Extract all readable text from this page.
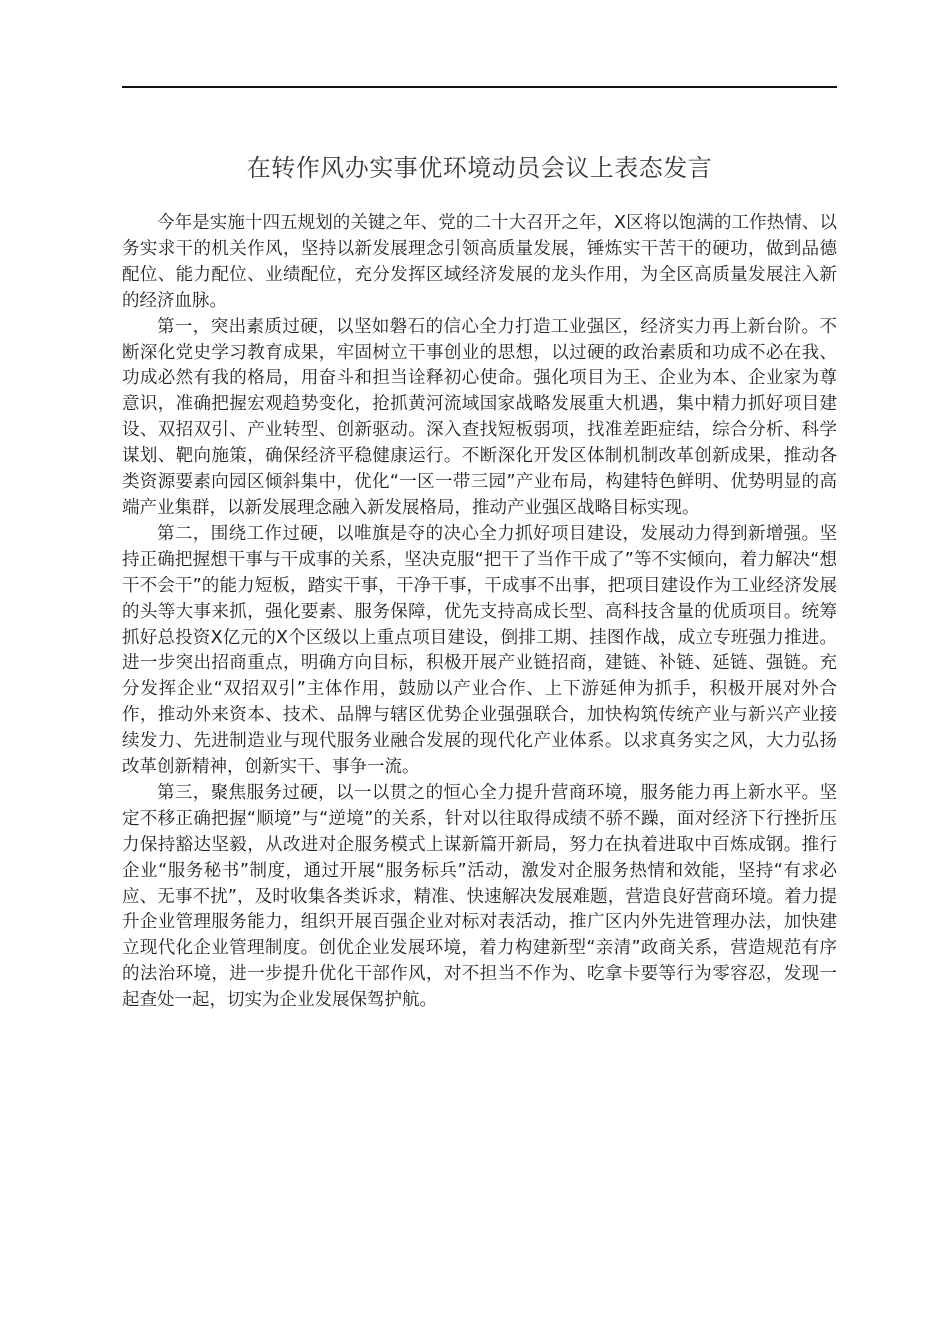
在转作风办实事优环境动员会议上表态发言

今年是实施十四五规划的关键之年、党的二十大召开之年，X区将以饱满的工作热情、以务实求干的机关作风，坚持以新发展理念引领高质量发展，锤炼实干苦干的硬功，做到品德配位、能力配位、业绩配位，充分发挥区域经济发展的龙头作用，为全区高质量发展注入新的经济血脉。

第一，突出素质过硬，以坚如磐石的信心全力打造工业强区，经济实力再上新台阶。不断深化党史学习教育成果，牢固树立干事创业的思想，以过硬的政治素质和功成不必在我、功成必然有我的格局，用奋斗和担当诠释初心使命。强化项目为王、企业为本、企业家为尊意识，准确把握宏观趋势变化，抢抓黄河流域国家战略发展重大机遇，集中精力抓好项目建设、双招双引、产业转型、创新驱动。深入查找短板弱项，找准差距症结，综合分析、科学谋划、靶向施策，确保经济平稳健康运行。不断深化开发区体制机制改革创新成果，推动各类资源要素向园区倾斜集中，优化“一区一带三园”产业布局，构建特色鲜明、优势明显的高端产业集群，以新发展理念融入新发展格局，推动产业强区战略目标实现。

第二，围绕工作过硬，以唯旗是夺的决心全力抓好项目建设，发展动力得到新增强。坚持正确把握想干事与干成事的关系，坚决克服“把干了当作干成了”等不实倾向，着力解决“想干不会干”的能力短板，踏实干事，干净干事，干成事不出事，把项目建设作为工业经济发展的头等大事来抓，强化要素、服务保障，优先支持高成长型、高科技含量的优质项目。统筹抓好总投资X亿元的X个区级以上重点项目建设，倒排工期、挂图作战，成立专班强力推进。进一步突出招商重点，明确方向目标，积极开展产业链招商，建链、补链、延链、强链。充分发挥企业“双招双引”主体作用，鼓励以产业合作、上下游延伸为抓手，积极开展对外合作，推动外来资本、技术、品牌与辖区优势企业强强联合，加快构筑传统产业与新兴产业接续发力、先进制造业与现代服务业融合发展的现代化产业体系。以求真务实之风，大力弘扬改革创新精神，创新实干、事争一流。

第三，聚焦服务过硬，以一以贯之的恒心全力提升营商环境，服务能力再上新水平。坚定不移正确把握“顺境”与“逆境”的关系，针对以往取得成绩不骄不躁，面对经济下行挫折压力保持豁达坚毅，从改进对企服务模式上谋新篇开新局，努力在执着进取中百炼成钢。推行企业“服务秘书”制度，通过开展“服务标兵”活动，激发对企服务热情和效能，坚持“有求必应、无事不扰”，及时收集各类诉求，精准、快速解决发展难题，营造良好营商环境。着力提升企业管理服务能力，组织开展百强企业对标对表活动，推广区内外先进管理办法，加快建立现代化企业管理制度。创优企业发展环境，着力构建新型“亲清”政商关系，营造规范有序的法治环境，进一步提升优化干部作风，对不担当不作为、吃拿卡要等行为零容忍，发现一起查处一起，切实为企业发展保驾护航。
